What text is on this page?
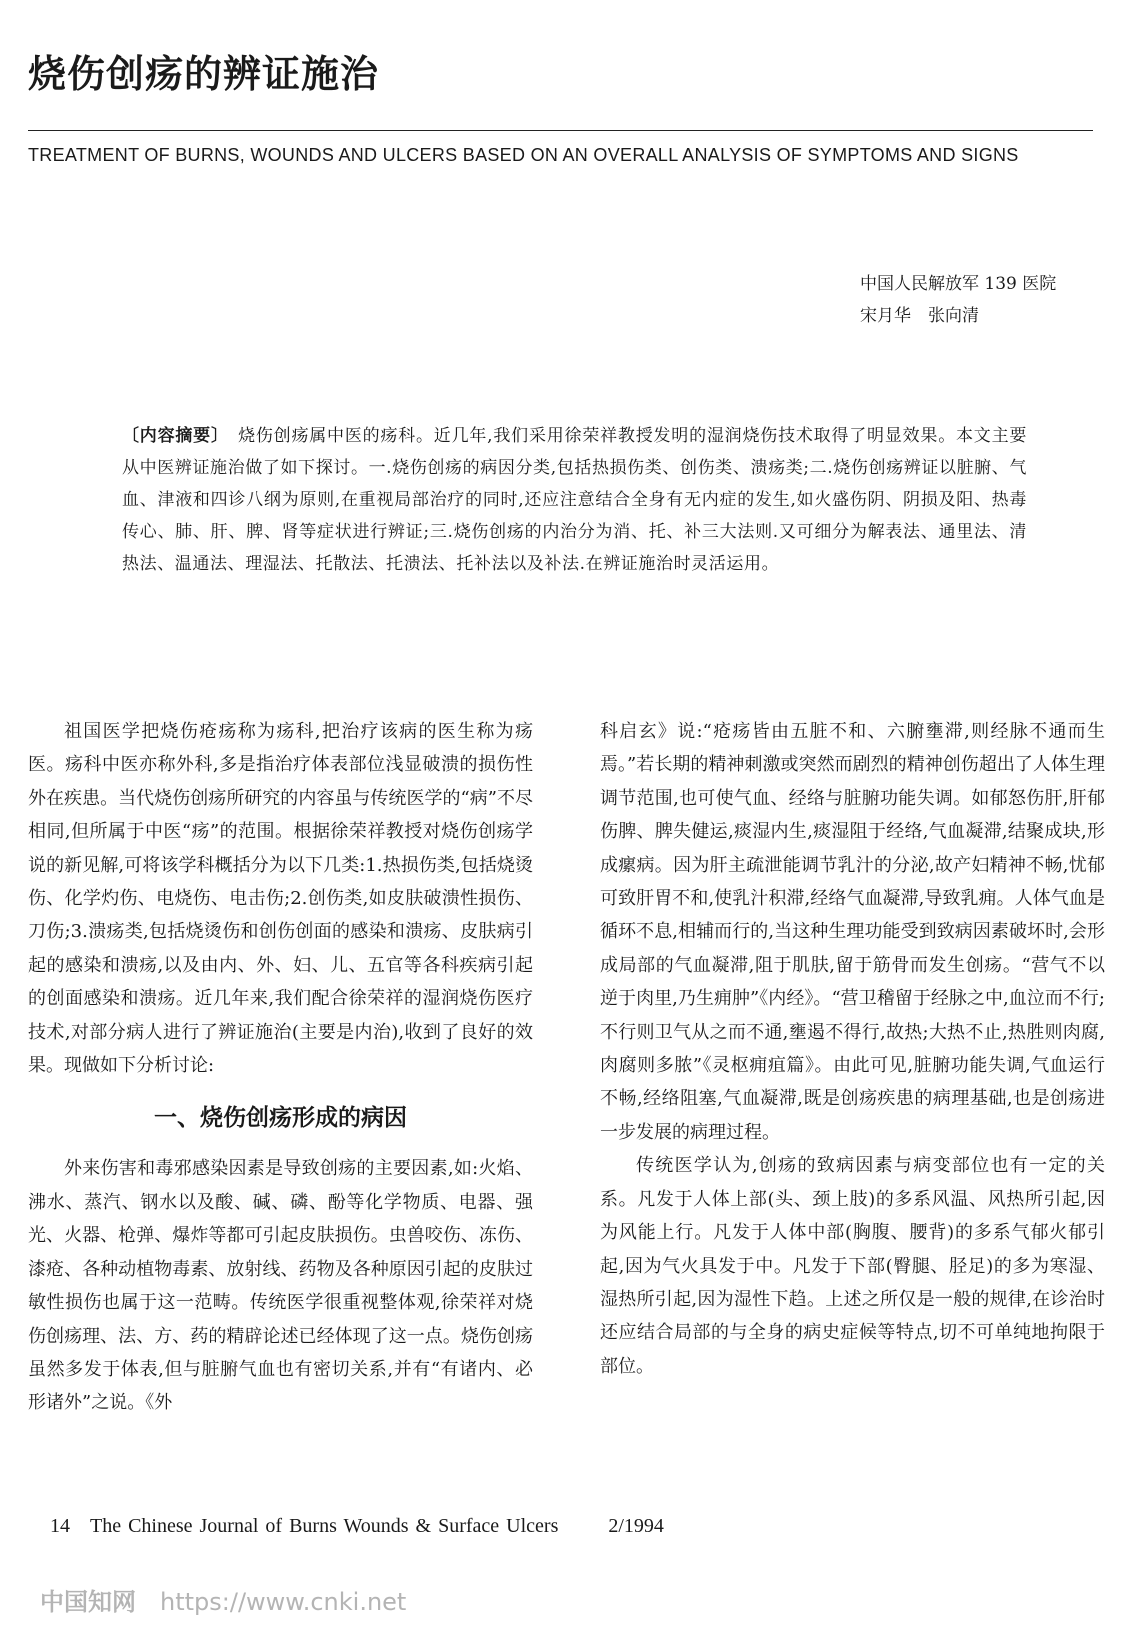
烧伤创疡的辨证施治

TREATMENT OF BURNS, WOUNDS AND ULCERS BASED ON AN OVERALL ANALYSIS OF SYMPTOMS AND SIGNS

中国人民解放军 139 医院
宋月华　张向清

〔内容摘要〕　 烧伤创疡属中医的疡科。近几年,我们采用徐荣祥教授发明的湿润烧伤技术取得了明显效果。本文主要从中医辨证施治做了如下探讨。一.烧伤创疡的病因分类,包括热损伤类、创伤类、溃疡类;二.烧伤创疡辨证以脏腑、气血、津液和四诊八纲为原则,在重视局部治疗的同时,还应注意结合全身有无内症的发生,如火盛伤阴、阴损及阳、热毒传心、肺、肝、脾、肾等症状进行辨证;三.烧伤创疡的内治分为消、托、补三大法则.又可细分为解表法、通里法、清热法、温通法、理湿法、托散法、托溃法、托补法以及补法.在辨证施治时灵活运用。

祖国医学把烧伤疮疡称为疡科,把治疗该病的医生称为疡医。疡科中医亦称外科,多是指治疗体表部位浅显破溃的损伤性外在疾患。当代烧伤创疡所研究的内容虽与传统医学的“病”不尽相同,但所属于中医“疡”的范围。根据徐荣祥教授对烧伤创疡学说的新见解,可将该学科概括分为以下几类:1.热损伤类,包括烧烫伤、化学灼伤、电烧伤、电击伤;2.创伤类,如皮肤破溃性损伤、刀伤;3.溃疡类,包括烧烫伤和创伤创面的感染和溃疡、皮肤病引起的感染和溃疡,以及由内、外、妇、儿、五官等各科疾病引起的创面感染和溃疡。近几年来,我们配合徐荣祥的湿润烧伤医疗技术,对部分病人进行了辨证施治(主要是内治),收到了良好的效果。现做如下分析讨论:

一、烧伤创疡形成的病因

外来伤害和毒邪感染因素是导致创疡的主要因素,如:火焰、沸水、蒸汽、钢水以及酸、碱、磷、酚等化学物质、电器、强光、火器、枪弹、爆炸等都可引起皮肤损伤。虫兽咬伤、冻伤、漆疮、各种动植物毒素、放射线、药物及各种原因引起的皮肤过敏性损伤也属于这一范畴。传统医学很重视整体观,徐荣祥对烧伤创疡理、法、方、药的精辟论述已经体现了这一点。烧伤创疡虽然多发于体表,但与脏腑气血也有密切关系,并有“有诸内、必形诸外”之说。《外

科启玄》说:“疮疡皆由五脏不和、六腑壅滞,则经脉不通而生焉。”若长期的精神刺激或突然而剧烈的精神创伤超出了人体生理调节范围,也可使气血、经络与脏腑功能失调。如郁怒伤肝,肝郁伤脾、脾失健运,痰湿内生,痰湿阻于经络,气血凝滞,结聚成块,形成瘰病。因为肝主疏泄能调节乳汁的分泌,故产妇精神不畅,忧郁可致肝胃不和,使乳汁积滞,经络气血凝滞,导致乳痈。人体气血是循环不息,相辅而行的,当这种生理功能受到致病因素破坏时,会形成局部的气血凝滞,阻于肌肤,留于筋骨而发生创疡。“营气不以逆于肉里,乃生痈肿”《内经》。“营卫稽留于经脉之中,血泣而不行;不行则卫气从之而不通,壅遏不得行,故热;大热不止,热胜则肉腐,肉腐则多脓”《灵枢痈疽篇》。由此可见,脏腑功能失调,气血运行不畅,经络阻塞,气血凝滞,既是创疡疾患的病理基础,也是创疡进一步发展的病理过程。

传统医学认为,创疡的致病因素与病变部位也有一定的关系。凡发于人体上部(头、颈上肢)的多系风温、风热所引起,因为风能上行。凡发于人体中部(胸腹、腰背)的多系气郁火郁引起,因为气火具发于中。凡发于下部(臀腿、胫足)的多为寒湿、湿热所引起,因为湿性下趋。上述之所仅是一般的规律,在诊治时还应结合局部的与全身的病史症候等特点,切不可单纯地拘限于部位。

14 The Chinese Journal of Burns Wounds & Surface Ulcers	2/1994
中国知网 https://www.cnki.net
